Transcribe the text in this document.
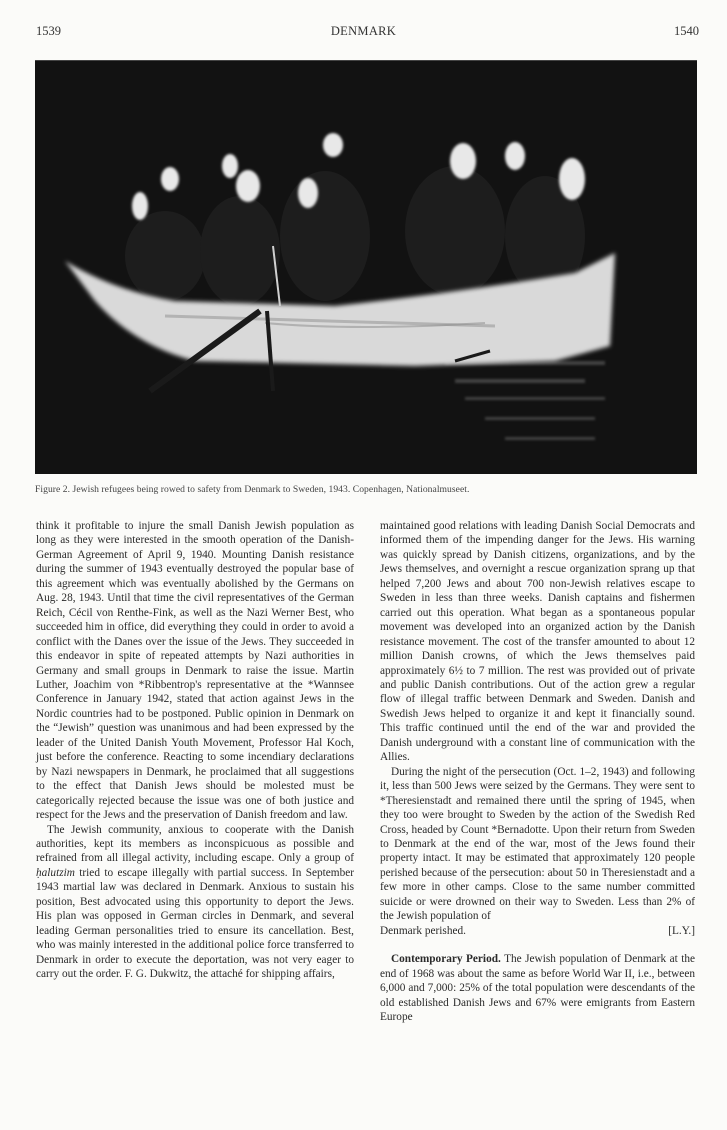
1539	DENMARK	1540
Figure 2. Jewish refugees being rowed to safety from Denmark to Sweden, 1943. Copenhagen, Nationalmuseet.

think it profitable to injure the small Danish Jewish population as long as they were interested in the smooth operation of the Danish-German Agreement of April 9, 1940. Mounting Danish resistance during the summer of 1943 eventually destroyed the popular base of this agreement which was eventually abolished by the Germans on Aug. 28, 1943. Until that time the civil representatives of the German Reich, Cécil von Renthe-Fink, as well as the Nazi Werner Best, who succeeded him in office, did everything they could in order to avoid a conflict with the Danes over the issue of the Jews. They succeeded in this endeavor in spite of repeated attempts by Nazi authorities in Germany and small groups in Denmark to raise the issue. Martin Luther, Joachim von *Ribbentrop's representative at the *Wannsee Conference in January 1942, stated that action against Jews in the Nordic countries had to be postponed. Public opinion in Denmark on the “Jewish” question was unanimous and had been expressed by the leader of the United Danish Youth Movement, Professor Hal Koch, just before the conference. Reacting to some incendiary declarations by Nazi newspapers in Denmark, he proclaimed that all suggestions to the effect that Danish Jews should be molested must be categorically rejected because the issue was one of both justice and respect for the Jews and the preservation of Danish freedom and law.

The Jewish community, anxious to cooperate with the Danish authorities, kept its members as inconspicuous as possible and refrained from all illegal activity, including escape. Only a group of ḥalutzim tried to escape illegally with partial success. In September 1943 martial law was declared in Denmark. Anxious to sustain his position, Best advocated using this opportunity to deport the Jews. His plan was opposed in German circles in Denmark, and several leading German personalities tried to ensure its cancellation. Best, who was mainly interested in the additional police force transferred to Denmark in order to execute the deportation, was not very eager to carry out the order. F. G. Dukwitz, the attaché for shipping affairs,

maintained good relations with leading Danish Social Democrats and informed them of the impending danger for the Jews. His warning was quickly spread by Danish citizens, organizations, and by the Jews themselves, and overnight a rescue organization sprang up that helped 7,200 Jews and about 700 non-Jewish relatives escape to Sweden in less than three weeks. Danish captains and fishermen carried out this operation. What began as a spontaneous popular movement was developed into an organized action by the Danish resistance movement. The cost of the transfer amounted to about 12 million Danish crowns, of which the Jews themselves paid approximately 6½ to 7 million. The rest was provided out of private and public Danish contributions. Out of the action grew a regular flow of illegal traffic between Denmark and Sweden. Danish and Swedish Jews helped to organize it and kept it financially sound. This traffic continued until the end of the war and provided the Danish underground with a constant line of communication with the Allies.

During the night of the persecution (Oct. 1–2, 1943) and following it, less than 500 Jews were seized by the Germans. They were sent to *Theresienstadt and remained there until the spring of 1945, when they too were brought to Sweden by the action of the Swedish Red Cross, headed by Count *Bernadotte. Upon their return from Sweden to Denmark at the end of the war, most of the Jews found their property intact. It may be estimated that approximately 120 people perished because of the persecution: about 50 in Theresienstadt and a few more in other camps. Close to the same number committed suicide or were drowned on their way to Sweden. Less than 2% of the Jewish population of

Denmark perished.	[L.Y.]

Contemporary Period. The Jewish population of Denmark at the end of 1968 was about the same as before World War II, i.e., between 6,000 and 7,000: 25% of the total population were descendants of the old established Danish Jews and 67% were emigrants from Eastern Europe
